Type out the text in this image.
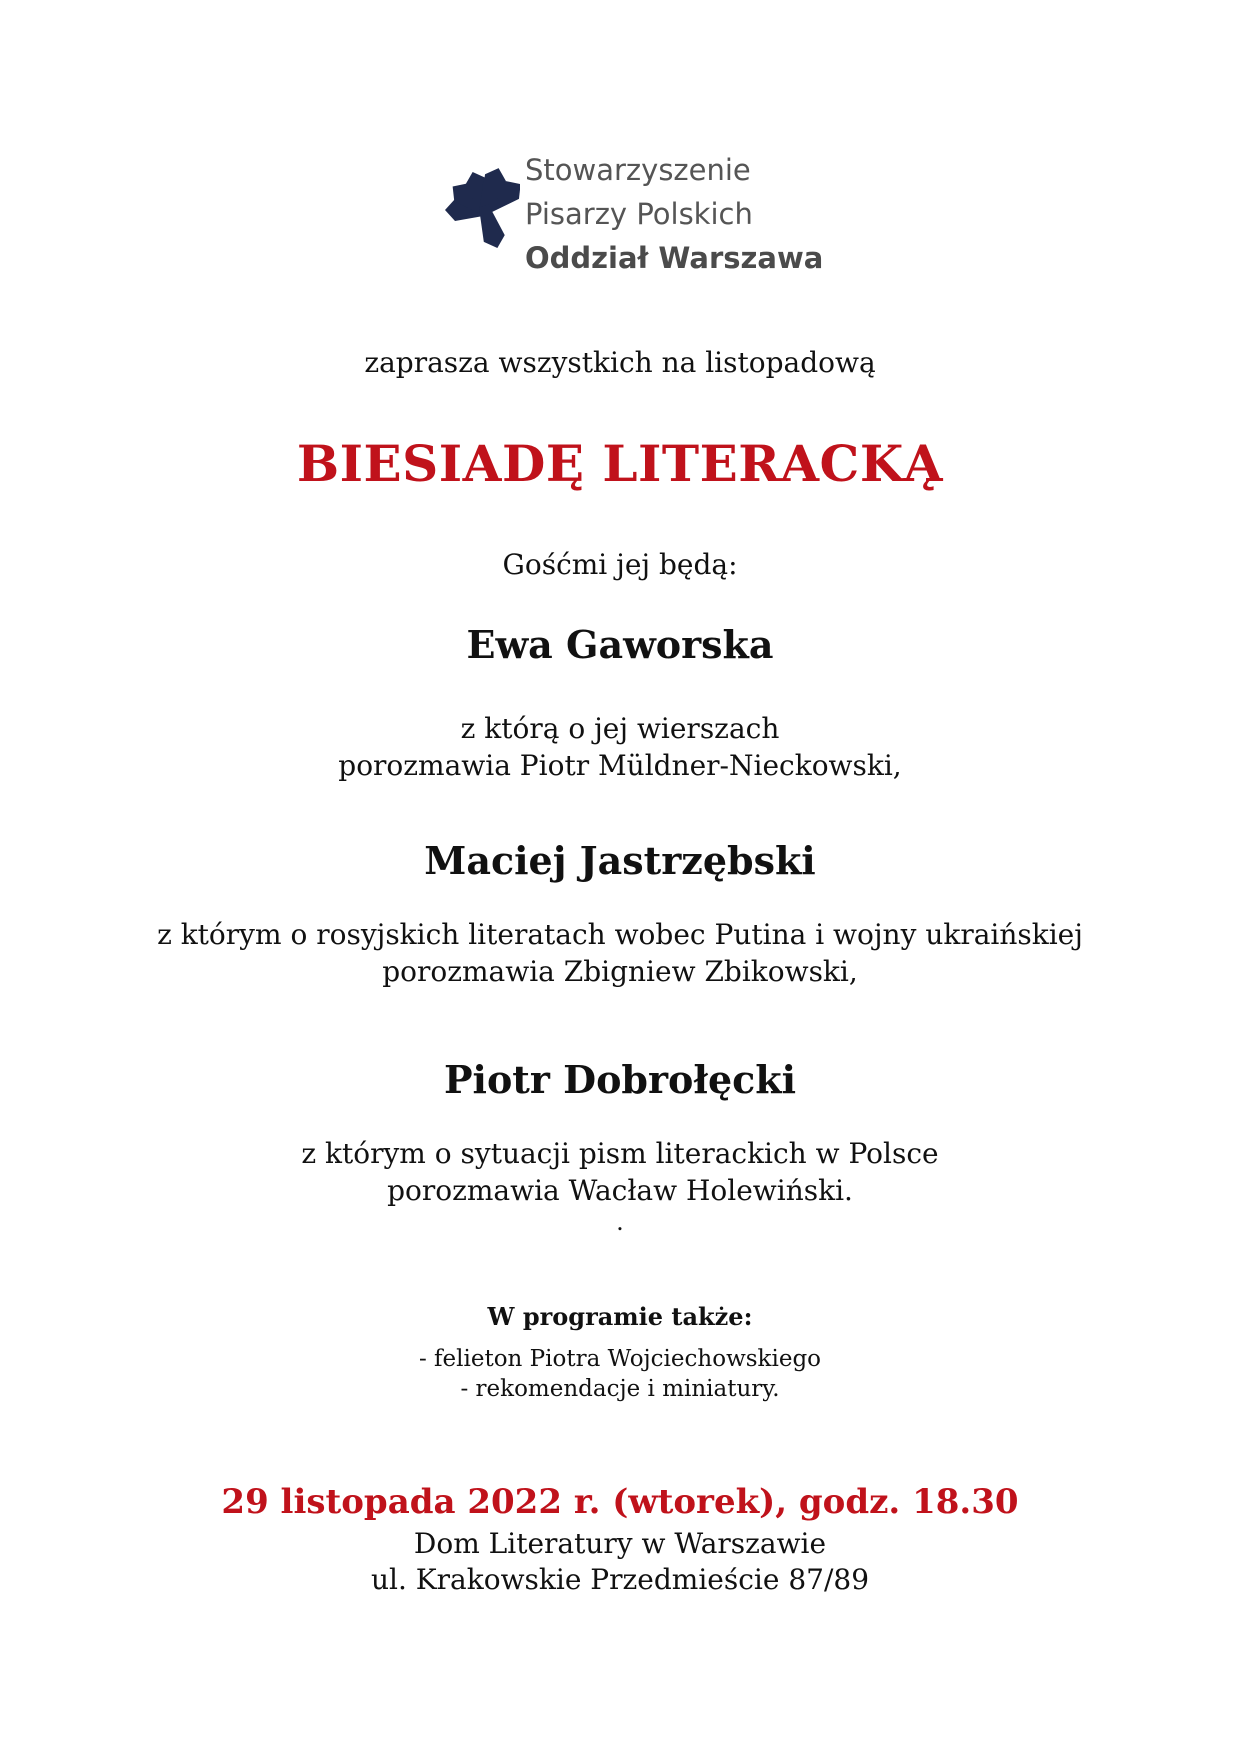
Stowarzyszenie
Pisarzy Polskich
Oddział Warszawa
zaprasza wszystkich na listopadową
BIESIADĘ LITERACKĄ
Gośćmi jej będą:
Ewa Gaworska
z którą o jej wierszach
porozmawia Piotr Müldner-Nieckowski,
Maciej Jastrzębski
z którym o rosyjskich literatach wobec Putina i wojny ukraińskiej
porozmawia Zbigniew Zbikowski,
Piotr Dobrołęcki
z którym o sytuacji pism literackich w Polsce
porozmawia Wacław Holewiński.
.
W programie także:
- felieton Piotra Wojciechowskiego
- rekomendacje i miniatury.
29 listopada 2022 r. (wtorek), godz. 18.30
Dom Literatury w Warszawie
ul. Krakowskie Przedmieście 87/89
